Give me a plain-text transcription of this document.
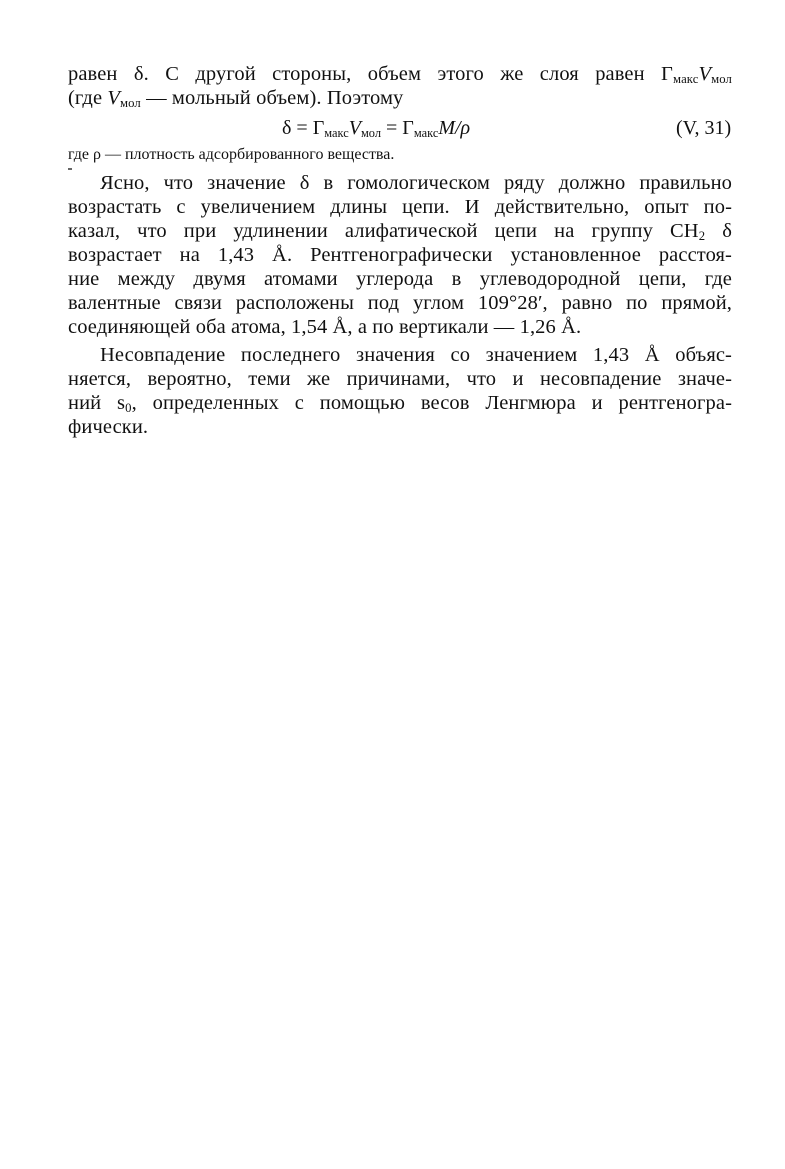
равен δ. С другой стороны, объем этого же слоя равен $\Gamma_{макс}V_{мол}$
(где $V_{мол}$ — мольный объем). Поэтому
$\delta = \Gamma_{макс}V_{мол} = \Gamma_{макс}M/\rho$	(V, 31)
где ρ — плотность адсорбированного вещества.
Ясно, что значение δ в гомологическом ряду должно правильно
возрастать с увеличением длины цепи. И действительно, опыт по-
казал, что при удлинении алифатической цепи на группу $CH_2$ δ
возрастает на 1,43 Å. Рентгенографически установленное расстоя-
ние между двумя атомами углерода в углеводородной цепи, где
валентные связи расположены под углом 109°28′, равно по прямой,
соединяющей оба атома, 1,54 Å, а по вертикали — 1,26 Å.
Несовпадение последнего значения со значением 1,43 Å объяс-
няется, вероятно, теми же причинами, что и несовпадение значе-
ний $s_0$, определенных с помощью весов Ленгмюра и рентгеногра-
фически.
